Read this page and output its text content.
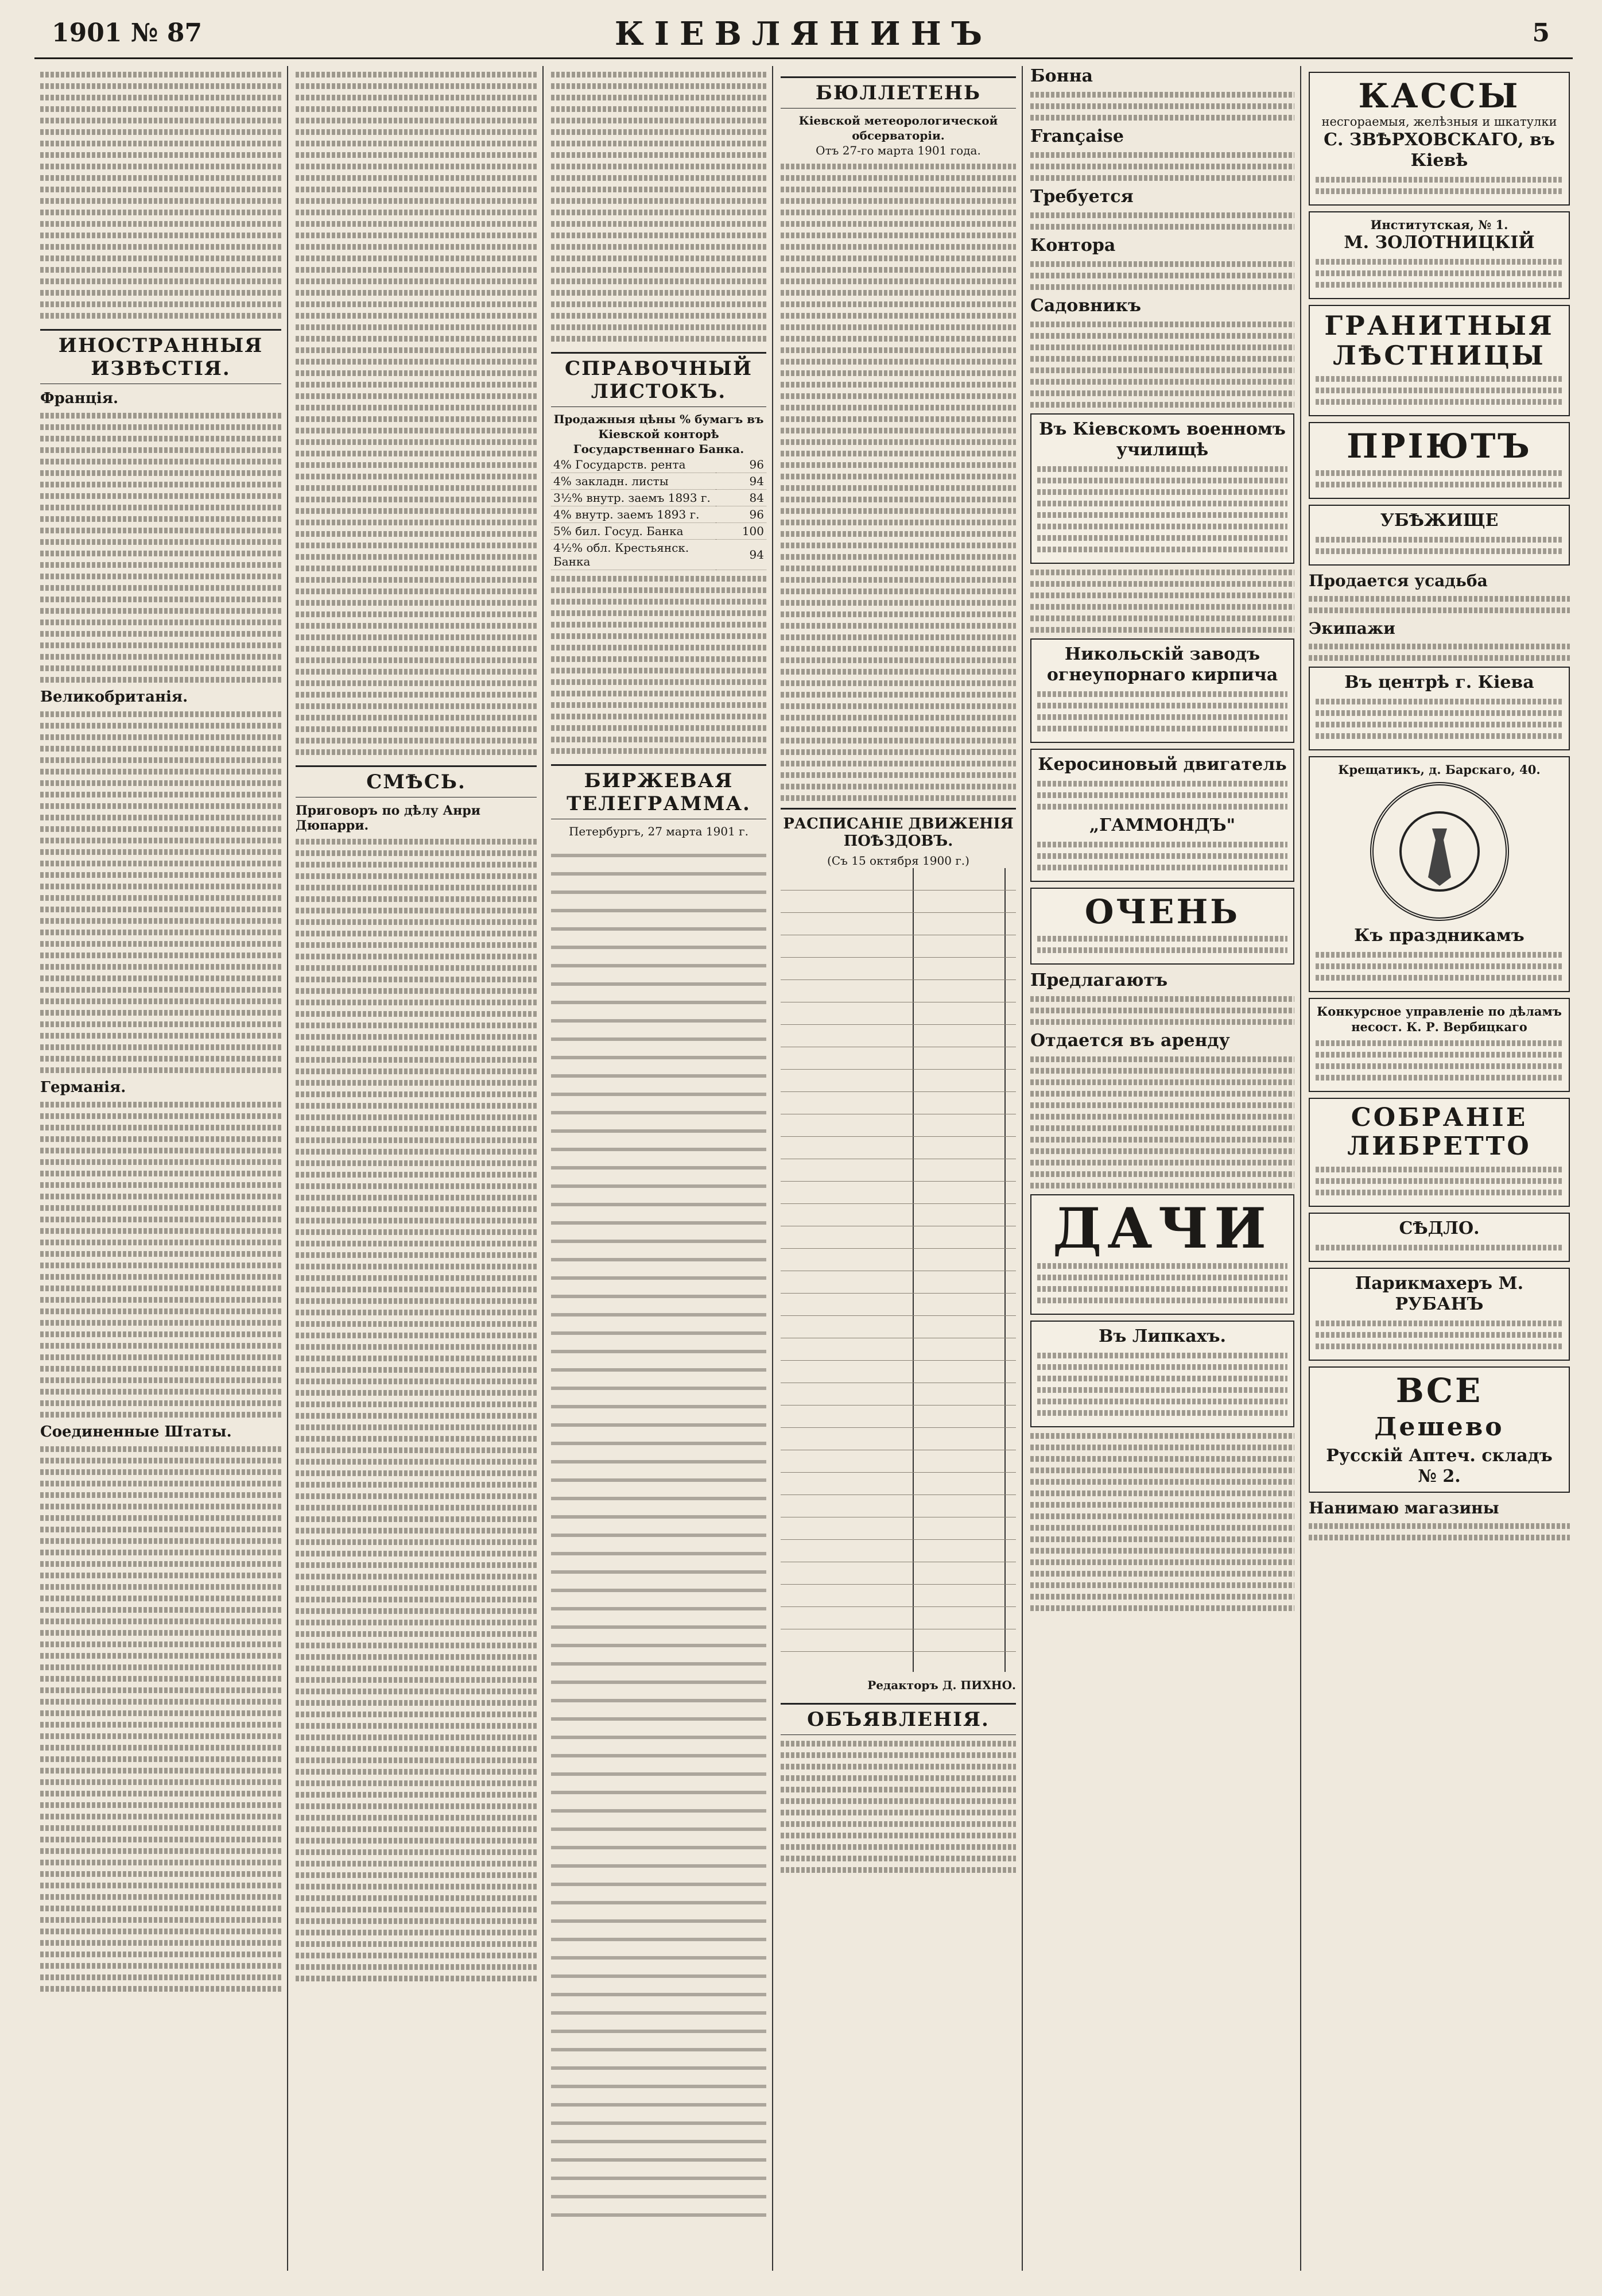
1901 № 87	КІЕВЛЯНИНЪ	5
ИНОСТРАННЫЯ ИЗВѢСТІЯ.
Франція.
Великобританія.
Германія.
Соединенные Штаты.
СМѢСЬ.
Приговоръ по дѣлу Анри Дюпарри.
СПРАВОЧНЫЙ ЛИСТОКЪ.
Продажныя цѣны % бумагъ въ Кіевской конторѣ Государственнаго Банка.
4% Государств. рента	96
4% закладн. листы	94
3½% внутр. заемъ 1893 г.	84
4% внутр. заемъ 1893 г.	96
5% бил. Госуд. Банка	100
4½% обл. Крестьянск. Банка	94
БИРЖЕВАЯ ТЕЛЕГРАММА.
Петербургъ, 27 марта 1901 г.
БЮЛЛЕТЕНЬ
Кіевской метеорологической обсерваторіи.
Отъ 27-го марта 1901 года.
РАСПИСАНІЕ ДВИЖЕНІЯ ПОѢЗДОВЪ.
(Съ 15 октября 1900 г.)
Редакторъ Д. ПИХНО.
ОБЪЯВЛЕНІЯ.
Бонна
Française
Требуется
Контора
Садовникъ
Въ Кіевскомъ военномъ училищѣ
Никольскій заводъ огнеупорнаго кирпича
Керосиновый двигатель
„ГАММОНДЪ"
ОЧЕНЬ
Предлагаютъ
Отдается въ аренду
ДАЧИ
Въ Липкахъ.
КАССЫ
несгораемыя, желѣзныя и шкатулки
С. ЗВѢРХОВСКАГО, въ Кіевѣ
Институтская, № 1.
М. ЗОЛОТНИЦКІЙ
ГРАНИТНЫЯ ЛѢСТНИЦЫ
ПРІЮТЪ
УБѢЖИЩЕ
Продается усадьба
Экипажи
Въ центрѣ г. Кіева
Крещатикъ, д. Барскаго, 40.
Къ праздникамъ
Конкурсное управленіе по дѣламъ несост. К. Р. Вербицкаго
СОБРАНІЕ ЛИБРЕТТО
СѢДЛО.
Парикмахеръ М. РУБАНЪ
ВСЕ
Дешево
Русскій Аптеч. складъ № 2.
Нанимаю магазины
